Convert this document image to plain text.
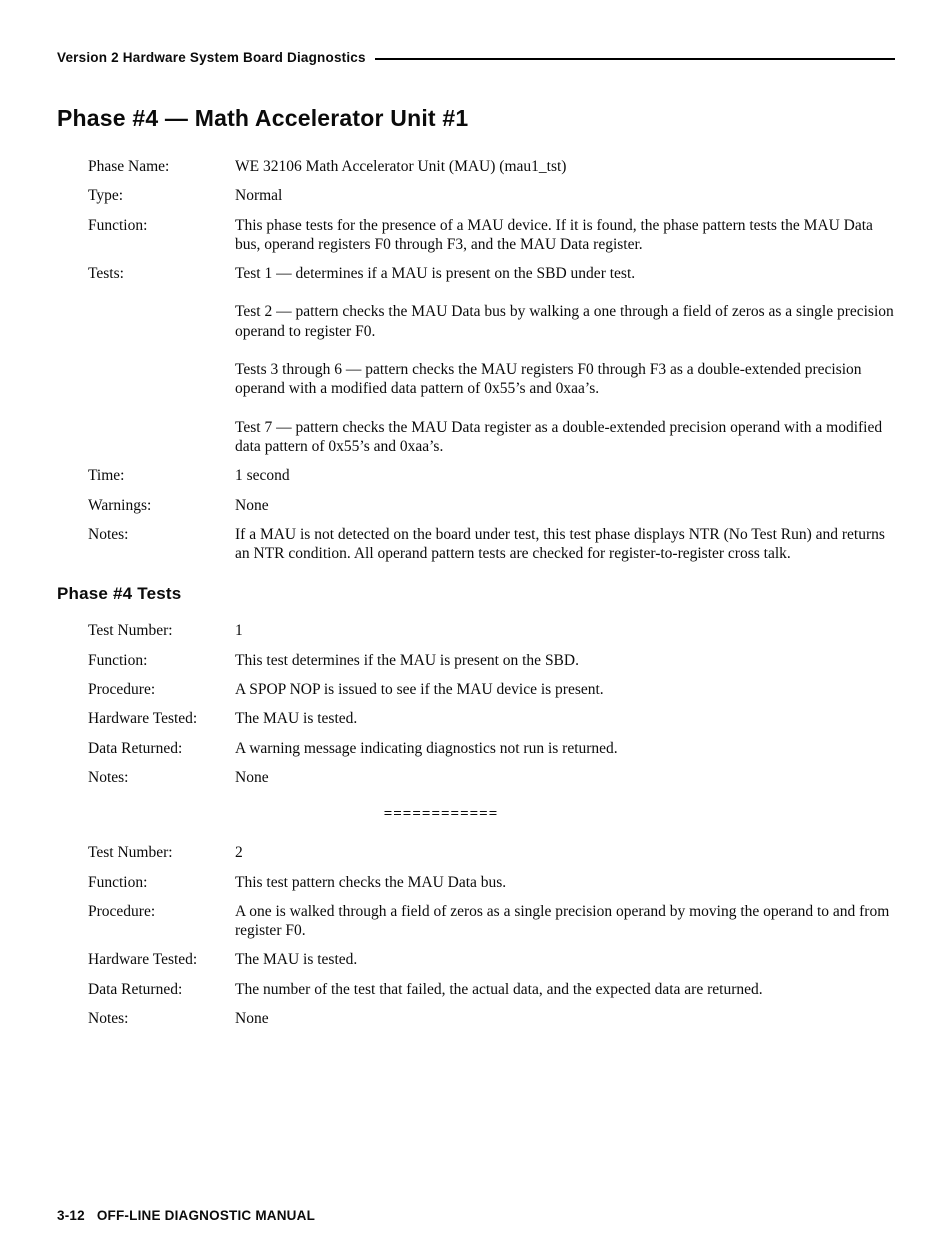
Version 2 Hardware System Board Diagnostics
Phase #4 — Math Accelerator Unit #1
Phase Name:	WE 32106 Math Accelerator Unit (MAU) (mau1_tst)
Type:	Normal
Function:	This phase tests for the presence of a MAU device. If it is found, the phase pattern tests the MAU Data bus, operand registers F0 through F3, and the MAU Data register.
Tests:	Test 1 — determines if a MAU is present on the SBD under test.

Test 2 — pattern checks the MAU Data bus by walking a one through a field of zeros as a single precision operand to register F0.

Tests 3 through 6 — pattern checks the MAU registers F0 through F3 as a double-extended precision operand with a modified data pattern of 0x55’s and 0xaa’s.

Test 7 — pattern checks the MAU Data register as a double-extended precision operand with a modified data pattern of 0x55’s and 0xaa’s.

Time:	1 second
Warnings:	None
Notes:	If a MAU is not detected on the board under test, this test phase displays NTR (No Test Run) and returns an NTR condition. All operand pattern tests are checked for register-to-register cross talk.
Phase #4 Tests
Test Number:	1
Function:	This test determines if the MAU is present on the SBD.
Procedure:	A SPOP NOP is issued to see if the MAU device is present.
Hardware Tested:	The MAU is tested.
Data Returned:	A warning message indicating diagnostics not run is returned.
Notes:	None
============
Test Number:	2
Function:	This test pattern checks the MAU Data bus.
Procedure:	A one is walked through a field of zeros as a single precision operand by moving the operand to and from register F0.
Hardware Tested:	The MAU is tested.
Data Returned:	The number of the test that failed, the actual data, and the expected data are returned.
Notes:	None
3-12 OFF-LINE DIAGNOSTIC MANUAL
